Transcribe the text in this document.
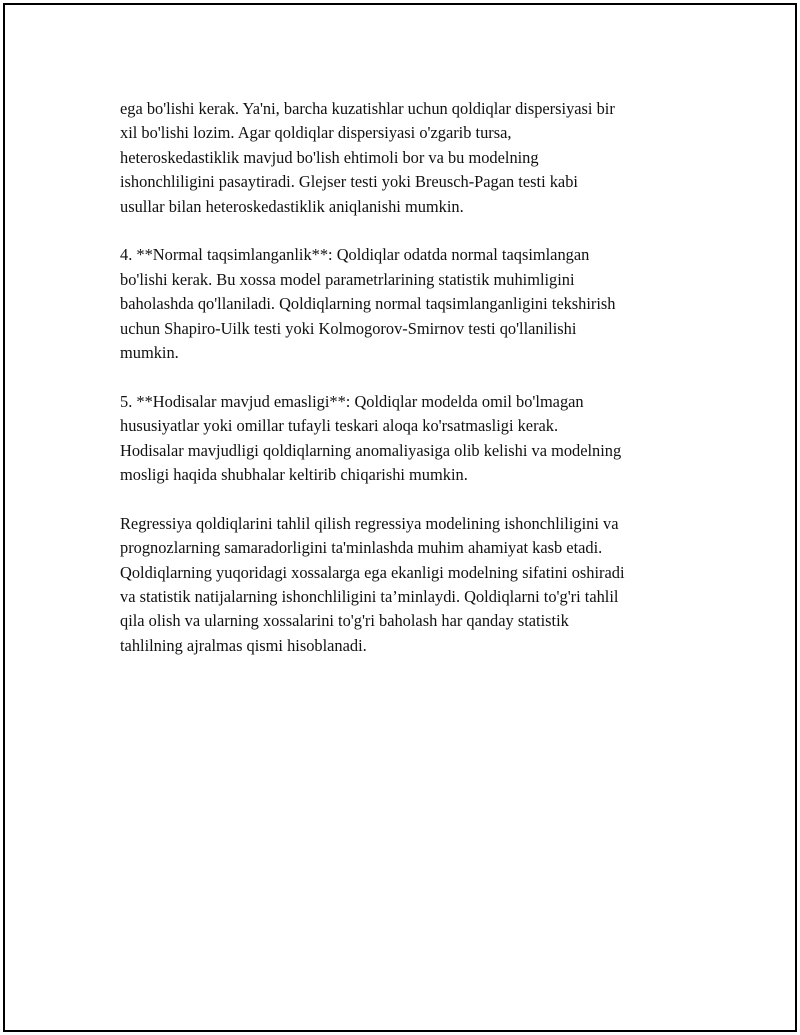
ega bo'lishi kerak. Ya'ni, barcha kuzatishlar uchun qoldiqlar dispersiyasi bir
xil bo'lishi lozim. Agar qoldiqlar dispersiyasi o'zgarib tursa,
heteroskedastiklik mavjud bo'lish ehtimoli bor va bu modelning
ishonchliligini pasaytiradi. Glejser testi yoki Breusch-Pagan testi kabi
usullar bilan heteroskedastiklik aniqlanishi mumkin.

4. **Normal taqsimlanganlik**: Qoldiqlar odatda normal taqsimlangan
bo'lishi kerak. Bu xossa model parametrlarining statistik muhimligini
baholashda qo'llaniladi. Qoldiqlarning normal taqsimlanganligini tekshirish
uchun Shapiro-Uilk testi yoki Kolmogorov-Smirnov testi qo'llanilishi
mumkin.

5. **Hodisalar mavjud emasligi**: Qoldiqlar modelda omil bo'lmagan
hususiyatlar yoki omillar tufayli teskari aloqa ko'rsatmasligi kerak.
Hodisalar mavjudligi qoldiqlarning anomaliyasiga olib kelishi va modelning
mosligi haqida shubhalar keltirib chiqarishi mumkin.

Regressiya qoldiqlarini tahlil qilish regressiya modelining ishonchliligini va
prognozlarning samaradorligini ta'minlashda muhim ahamiyat kasb etadi.
Qoldiqlarning yuqoridagi xossalarga ega ekanligi modelning sifatini oshiradi
va statistik natijalarning ishonchliligini ta’minlaydi. Qoldiqlarni to'g'ri tahlil
qila olish va ularning xossalarini to'g'ri baholash har qanday statistik
tahlilning ajralmas qismi hisoblanadi.
